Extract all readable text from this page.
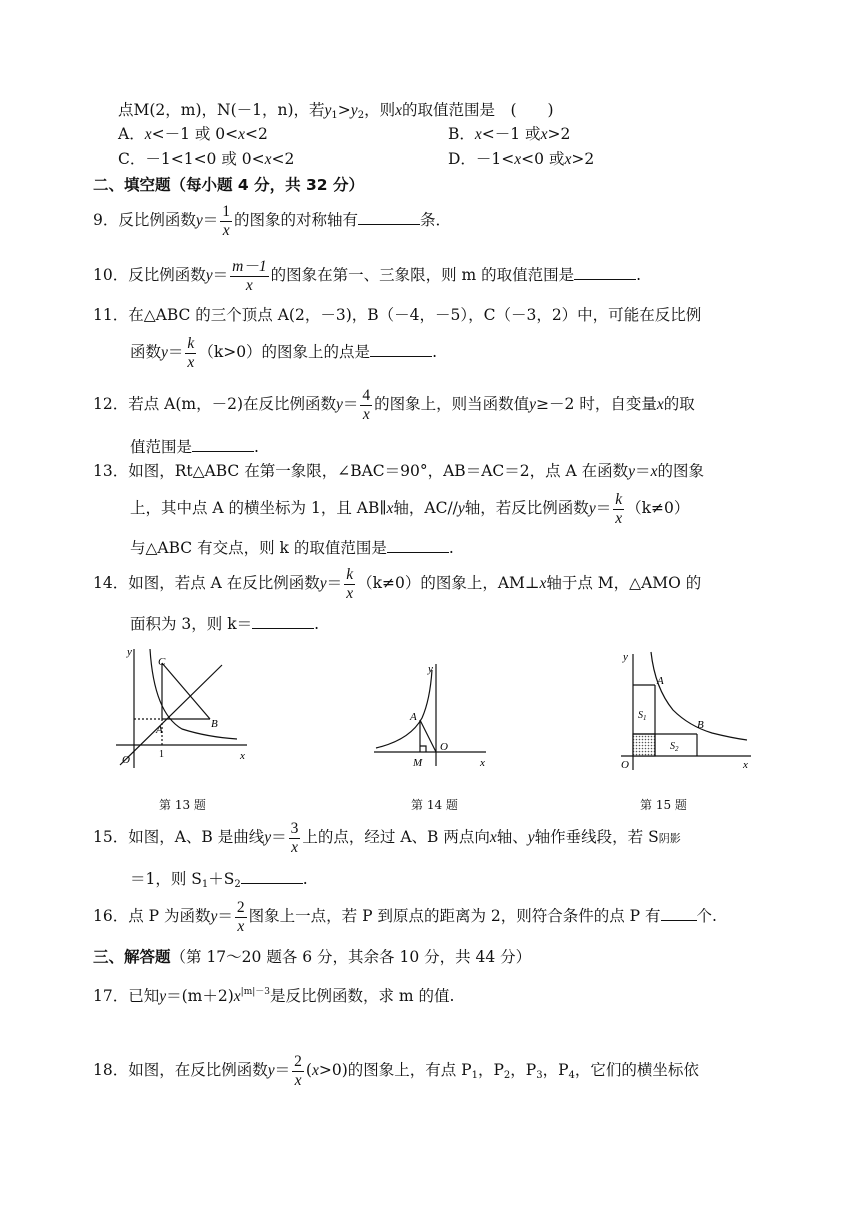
点M(2，m)，N(－1，n)，若$y_1>y_2$，则x的取值范围是　(　　)
A．x<－1 或 0<x<2	B．x<－1 或x>2
C．－1<1<0 或 0<x<2	D．－1<x<0 或x>2
二、填空题（每小题 4 分，共 32 分）
9．反比例函数$y= \frac{1}{x}$ 的图象的对称轴有	条．
10．反比例函数$y= \frac{m-1}{x}$ 的图象在第一、三象限，则 m 的取值范围是	.
11．在△ABC 的三个顶点 A(2，－3)，B（－4，－5），C（－3，2）中，可能在反比例
函数$y= \frac{k}{x} (k>0)$的图象上的点是	.
12．若点 A(m，－2)在反比例函数$y= \frac{4}{x}$ 的图象上，则当函数值y≥－2 时，自变量x的取
值范围是	.
13．如图，Rt△ABC 在第一象限，∠BAC＝90°，AB＝AC＝2，点 A 在函数y＝x的图象
上，其中点 A 的横坐标为 1，且 AB∥x轴，AC//y轴，若反比例函数$y= \frac{k}{x} (k\ne 0)$
与△ABC 有交点，则 k 的取值范围是	.
14．如图，若点 A 在反比例函数$y= \frac{k}{x} (k\ne 0)$的图象上，AM⊥x轴于点 M，△AMO 的
面积为 3，则 k＝	.
y
x
O
C
A	B
1
第 13 题
y
x
O
A
M
第 14 题
y
x
O
A
B
$S_1$
$S_2$
第 15 题
15．如图，A、B 是曲线$y= \frac{3}{x}$ 上的点，经过 A、B 两点向x轴、y轴作垂线段，若 S阴影
＝1，则 $S_1+S_2$	.
16．点 P 为函数$y= \frac{2}{x}$ 图象上一点，若 P 到原点的距离为 2，则符合条件的点 P 有 个.
三、解答题（第 17～20 题各 6 分，其余各 10 分，共 44 分）
17．已知$y=(m+2)x^{|m|-3}$是反比例函数，求 m 的值.
18．如图，在反比例函数$y= \frac{2}{x} (x>0)$的图象上，有点 $P_1$，$P_2$，$P_3$，$P_4$，它们的横坐标依
